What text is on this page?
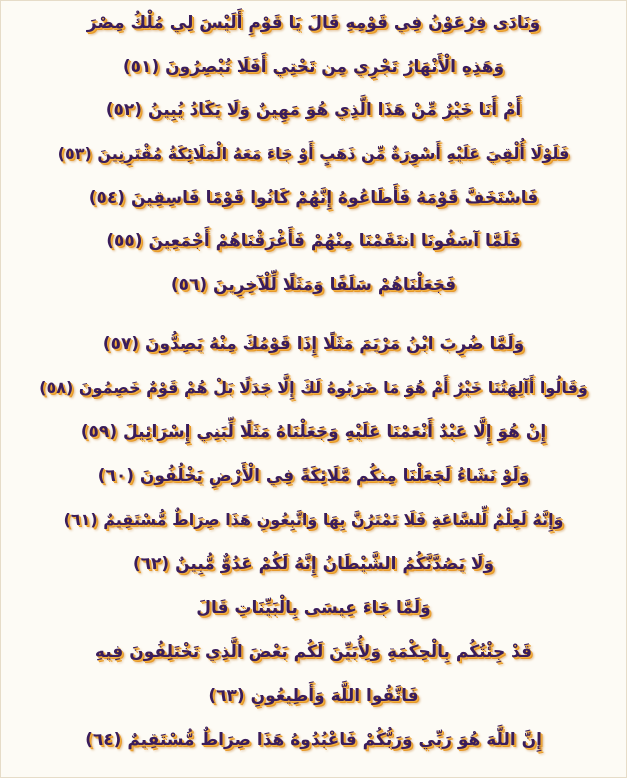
وَنَادَى فِرْعَوْنُ فِي قَوْمِهِ قَالَ يَا قَوْمِ أَلَيْسَ لِي مُلْكُ مِصْرَ
وَهَذِهِ الْأَنْهَارُ تَجْرِي مِن تَحْتِي أَفَلَا تُبْصِرُونَ (٥١)
أَمْ أَنَا خَيْرٌ مِّنْ هَذَا الَّذِي هُوَ مَهِينٌ وَلَا يَكَادُ يُبِينُ (٥٢)
فَلَوْلَا أُلْقِيَ عَلَيْهِ أَسْوِرَةٌ مِّن ذَهَبٍ أَوْ جَاءَ مَعَهُ الْمَلَائِكَةُ مُقْتَرِنِينَ (٥٣)
فَاسْتَخَفَّ قَوْمَهُ فَأَطَاعُوهُ إِنَّهُمْ كَانُوا قَوْمًا فَاسِقِينَ (٥٤)
فَلَمَّا آسَفُونَا انتَقَمْنَا مِنْهُمْ فَأَغْرَقْنَاهُمْ أَجْمَعِينَ (٥٥)
فَجَعَلْنَاهُمْ سَلَفًا وَمَثَلًا لِّلْآخِرِينَ (٥٦)
وَلَمَّا ضُرِبَ ابْنُ مَرْيَمَ مَثَلًا إِذَا قَوْمُكَ مِنْهُ يَصِدُّونَ (٥٧)
وَقَالُوا أَآلِهَتُنَا خَيْرٌ أَمْ هُوَ مَا ضَرَبُوهُ لَكَ إِلَّا جَدَلًا بَلْ هُمْ قَوْمٌ خَصِمُونَ (٥٨)
إِنْ هُوَ إِلَّا عَبْدٌ أَنْعَمْنَا عَلَيْهِ وَجَعَلْنَاهُ مَثَلًا لِّبَنِي إِسْرَائِيلَ (٥٩)
وَلَوْ نَشَاءُ لَجَعَلْنَا مِنكُم مَّلَائِكَةً فِي الْأَرْضِ يَخْلُفُونَ (٦٠)
وَإِنَّهُ لَعِلْمٌ لِّلسَّاعَةِ فَلَا تَمْتَرُنَّ بِهَا وَاتَّبِعُونِ هَذَا صِرَاطٌ مُّسْتَقِيمٌ (٦١)
وَلَا يَصُدَّنَّكُمُ الشَّيْطَانُ إِنَّهُ لَكُمْ عَدُوٌّ مُّبِينٌ (٦٢)
وَلَمَّا جَاءَ عِيسَى بِالْبَيِّنَاتِ قَالَ
قَدْ جِئْتُكُم بِالْحِكْمَةِ وَلِأُبَيِّنَ لَكُم بَعْضَ الَّذِي تَخْتَلِفُونَ فِيهِ
فَاتَّقُوا اللَّهَ وَأَطِيعُونِ (٦٣)
إِنَّ اللَّهَ هُوَ رَبِّي وَرَبُّكُمْ فَاعْبُدُوهُ هَذَا صِرَاطٌ مُّسْتَقِيمٌ (٦٤)
